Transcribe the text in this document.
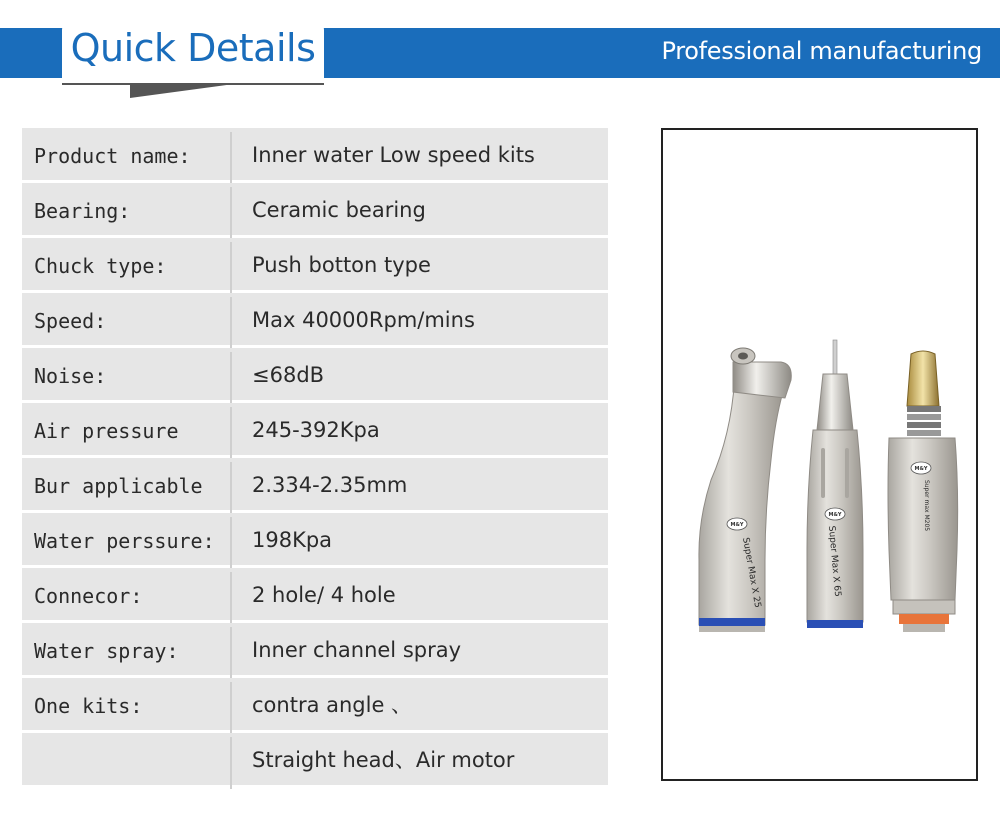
Quick Details	Professional manufacturing
Product name:	Inner water Low speed kits
Bearing:	Ceramic bearing
Chuck type:	Push botton type
Speed:	Max 40000Rpm/mins
Noise:	≤68dB
Air pressure	245-392Kpa
Bur applicable 2.334-2.35mm
Water perssure: 198Kpa
Connecor:	2 hole/ 4 hole
Water spray:	Inner channel spray
One kits:	contra angle 、
Straight head、Air motor
M&Y
Super Max X 25
M&Y
Super Max X 65
M&Y
Super max M205
